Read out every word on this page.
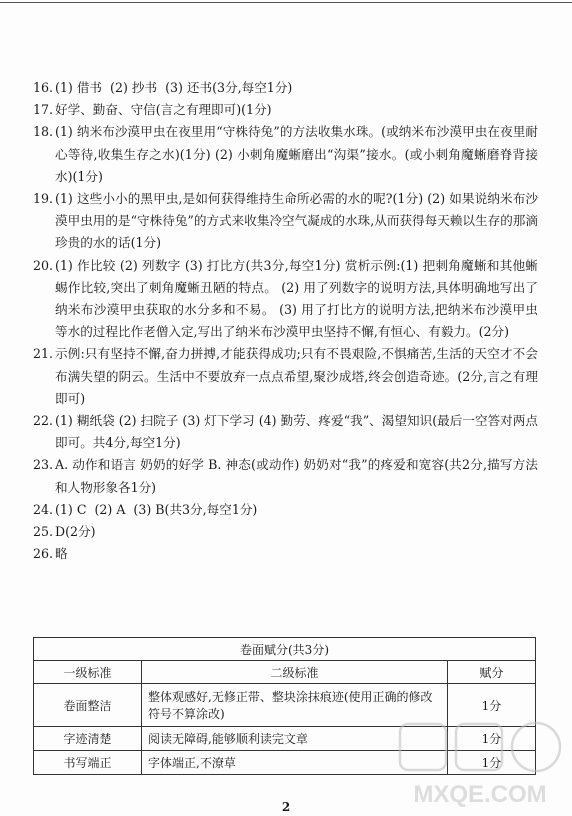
16. (1) 借书  (2) 抄书  (3) 还书(3分,每空1分)
17. 好学、勤奋、守信(言之有理即可)(1分)
18. (1) 纳米布沙漠甲虫在夜里用“守株待兔”的方法收集水珠。(或纳米布沙漠甲虫在夜里耐心等待,收集生存之水)(1分) (2) 小刺角魔蜥磨出“沟渠”接水。(或小刺角魔蜥磨脊背接水)(1分)
19. (1) 这些小小的黑甲虫,是如何获得维持生命所必需的水的呢?(1分) (2) 如果说纳米布沙漠甲虫用的是“守株待兔”的方式来收集冷空气凝成的水珠,从而获得每天赖以生存的那滴珍贵的水的话(1分)
20. (1) 作比较 (2) 列数字 (3) 打比方(共3分,每空1分) 赏析示例:(1) 把刺角魔蜥和其他蜥蜴作比较,突出了刺角魔蜥丑陋的特点。 (2) 用了列数字的说明方法,具体明确地写出了纳米布沙漠甲虫获取的水分多和不易。 (3) 用了打比方的说明方法,把纳米布沙漠甲虫等水的过程比作老僧入定,写出了纳米布沙漠甲虫坚持不懈,有恒心、有毅力。(2分)
21. 示例:只有坚持不懈,奋力拼搏,才能获得成功;只有不畏艰险,不惧痛苦,生活的天空才不会布满失望的阴云。生活中不要放弃一点点希望,聚沙成塔,终会创造奇迹。(2分,言之有理即可)
22. (1) 糊纸袋 (2) 扫院子 (3) 灯下学习 (4) 勤劳、疼爱“我”、渴望知识(最后一空答对两点即可。共4分,每空1分)
23. A. 动作和语言 奶奶的好学 B. 神态(或动作) 奶奶对“我”的疼爱和宽容(共2分,描写方法和人物形象各1分)
24. (1) C  (2) A  (3) B(共3分,每空1分)
25. D(2分)
26. 略
卷面赋分(共3分)		
一级标准	二级标准	赋分
卷面整洁	整体观感好,无修正带、整块涂抹痕迹(使用正确的修改符号不算涂改)	1分
字迹清楚	阅读无障碍,能够顺利读完文章	1分
书写端正	字体端正,不潦草	1分
MXQE.COM
2
